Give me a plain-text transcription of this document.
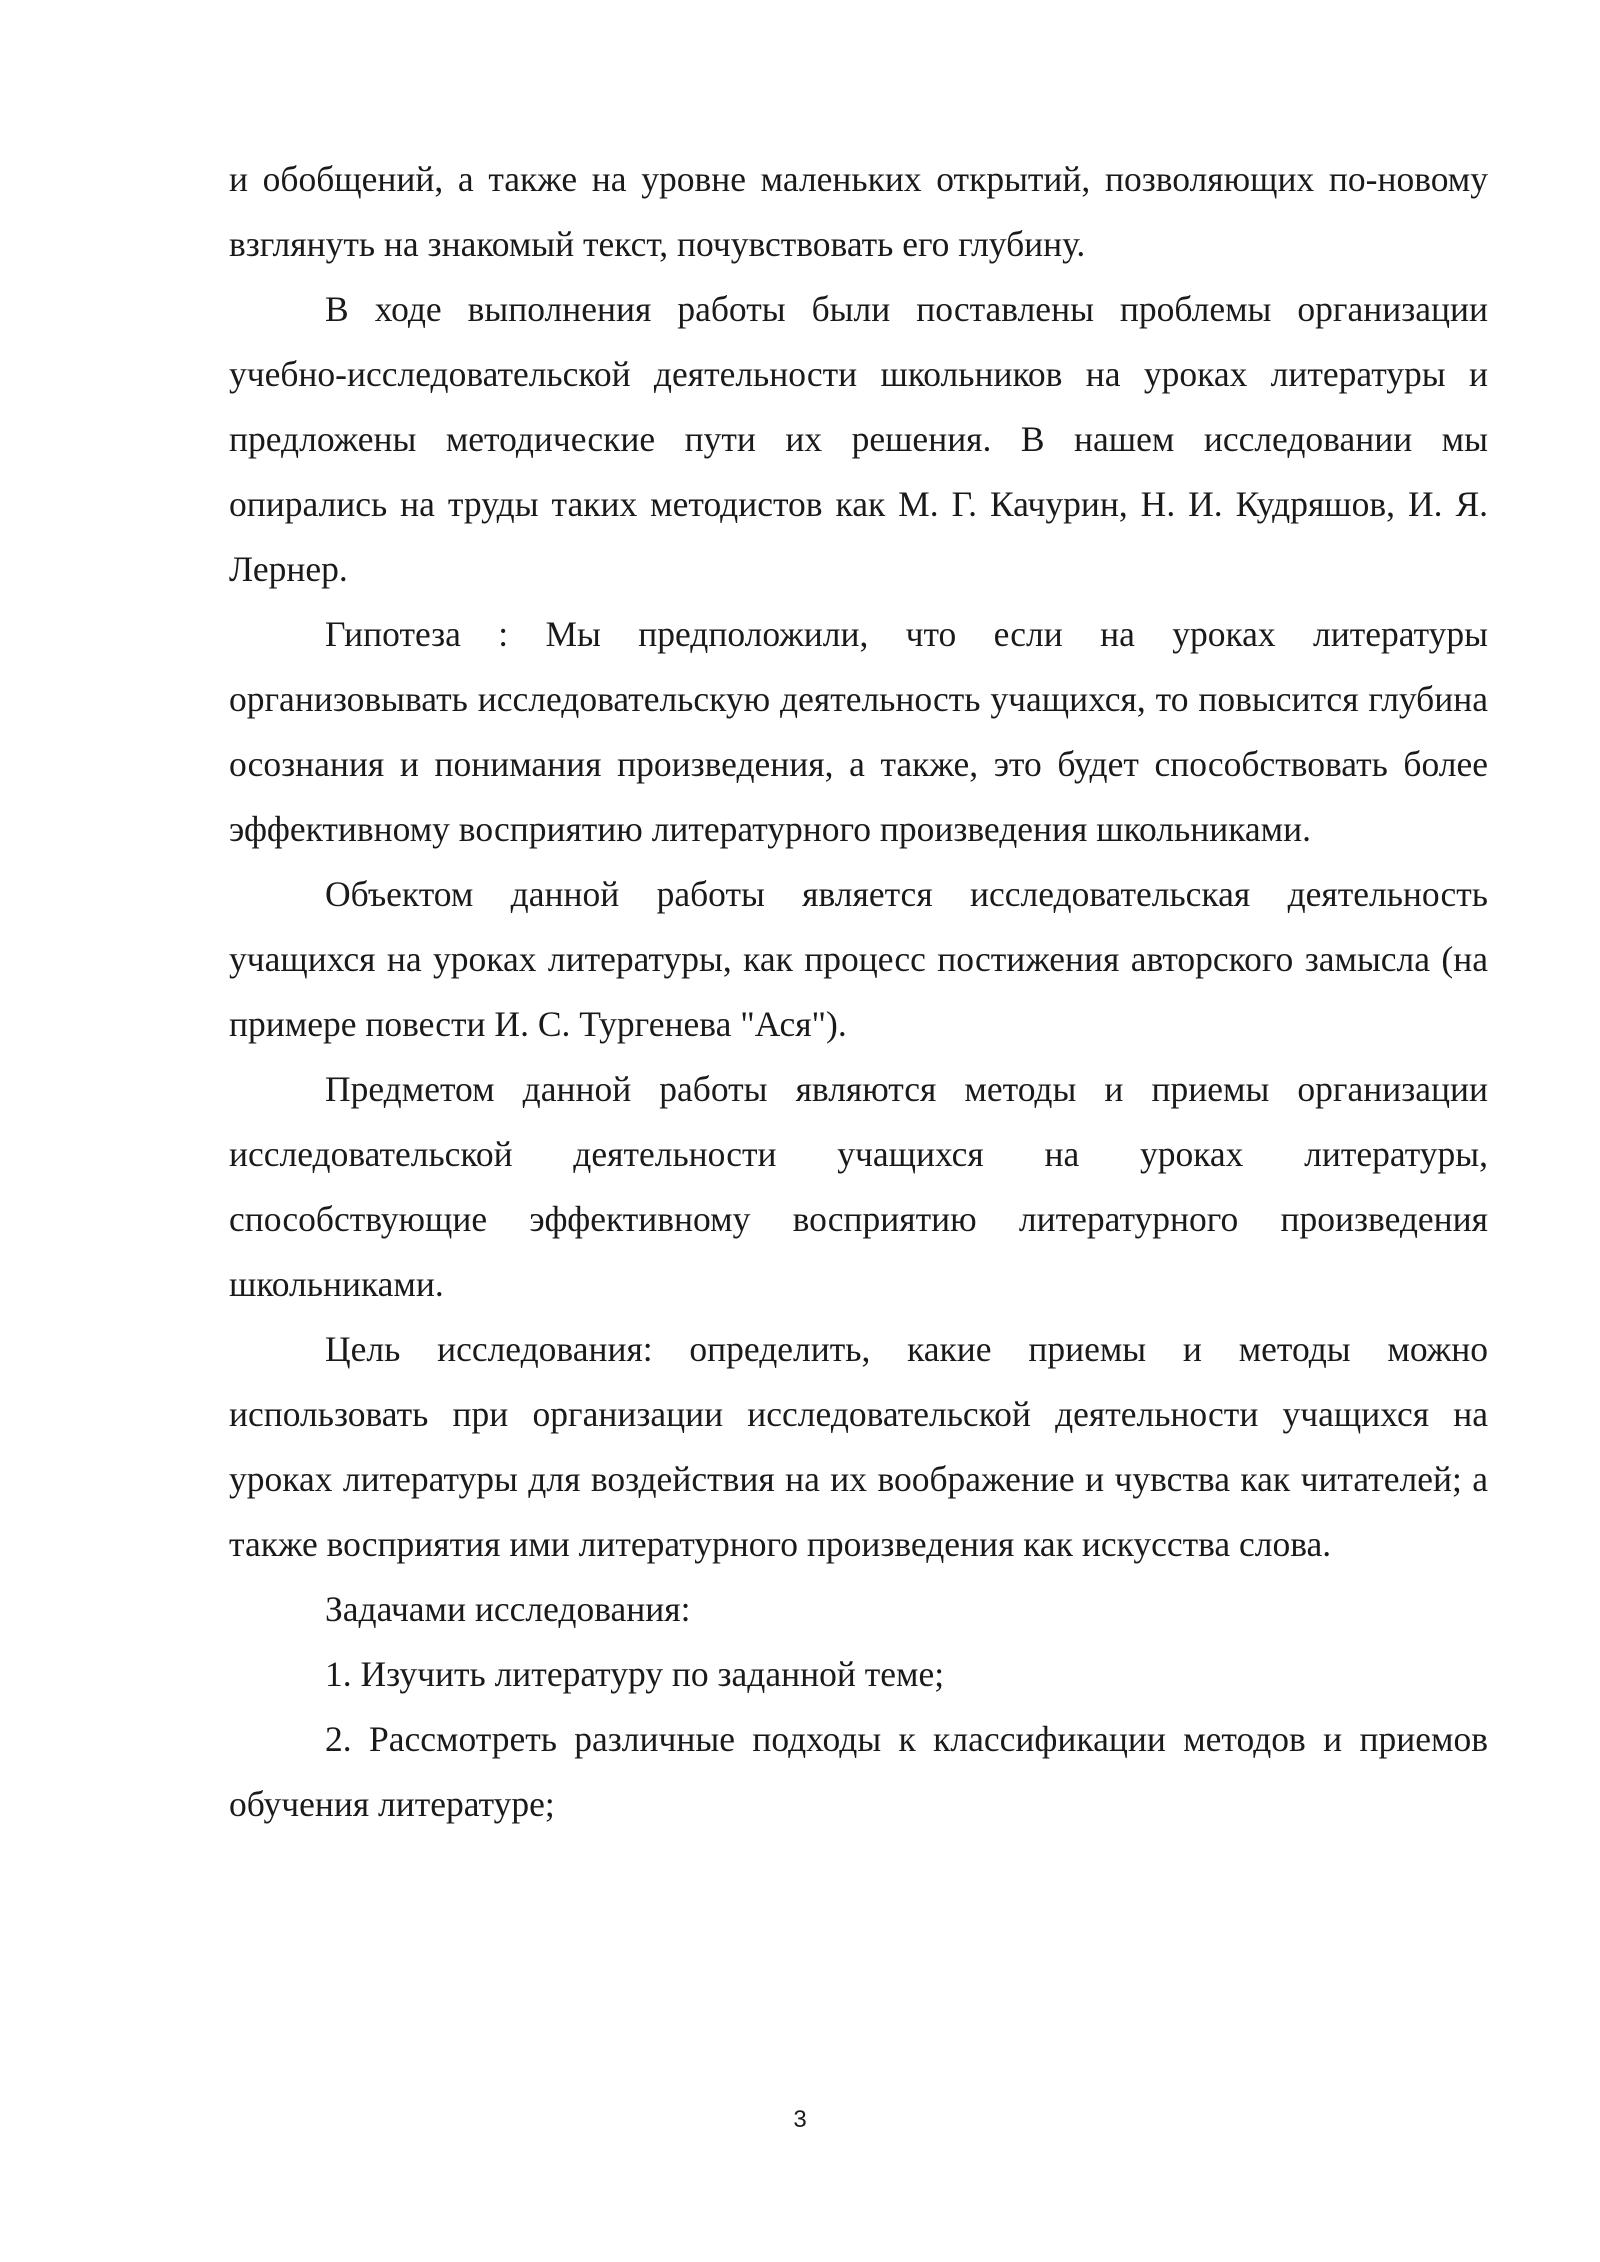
и обобщений, а также на уровне маленьких открытий, позволяющих по-новому взглянуть на знакомый текст, почувствовать его глубину.

В ходе выполнения работы были поставлены проблемы организации учебно-исследовательской деятельности школьников на уроках литературы и предложены методические пути их решения. В нашем исследовании мы опирались на труды таких методистов как М. Г. Качурин, Н. И. Кудряшов, И. Я. Лернер.

Гипотеза : Мы предположили, что если на уроках литературы организовывать исследовательскую деятельность учащихся, то повысится глубина осознания и понимания произведения, а также, это будет способствовать более эффективному восприятию литературного произведения школьниками.

Объектом данной работы является исследовательская деятельность учащихся на уроках литературы, как процесс постижения авторского замысла (на примере повести И. С. Тургенева "Ася").

Предметом данной работы являются методы и приемы организации исследовательской деятельности учащихся на уроках литературы, способствующие эффективному восприятию литературного произведения школьниками.

Цель исследования: определить, какие приемы и методы можно использовать при организации исследовательской деятельности учащихся на уроках литературы для воздействия на их воображение и чувства как читателей; а также восприятия ими литературного произведения как искусства слова.

Задачами исследования:

1. Изучить литературу по заданной теме;

2. Рассмотреть различные подходы к классификации методов и приемов обучения литературе;

3
